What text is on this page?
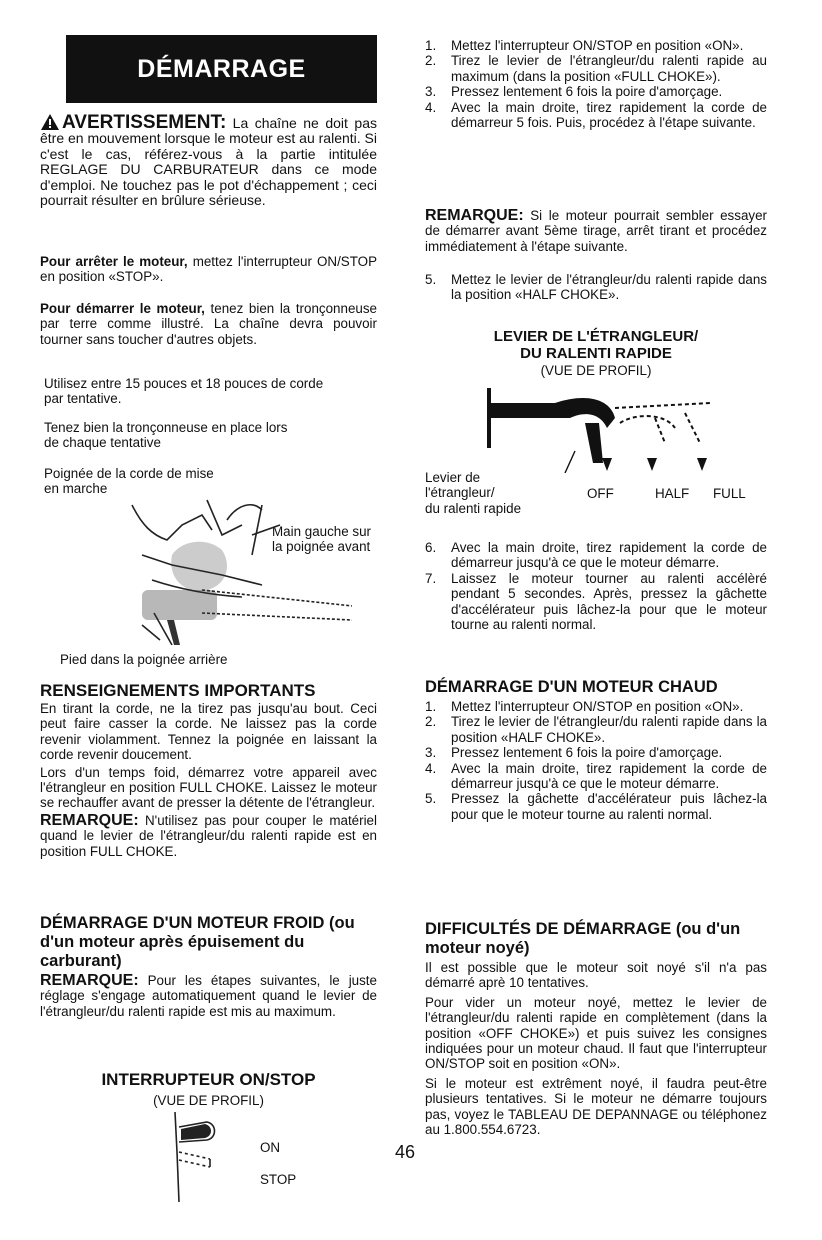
DÉMARRAGE
AVERTISSEMENT: La chaîne ne doit pas être en mouvement lorsque le moteur est au ralenti. Si c'est le cas, référez-vous à la partie intitulée REGLAGE DU CARBURATEUR dans ce mode d'emploi. Ne touchez pas le pot d'échappement ; ceci pourrait résulter en brûlure sérieuse.

Pour arrêter le moteur, mettez l'interrupteur ON/STOP en position «STOP».

Pour démarrer le moteur, tenez bien la tronçonneuse par terre comme illustré. La chaîne devra pouvoir tourner sans toucher d'autres objets.

Utilisez entre 15 pouces et 18 pouces de corde par tentative.

Tenez bien la tronçonneuse en place lors de chaque tentative

Poignée de la corde de mise en marche

Main gauche sur la poignée avant

Pied dans la poignée arrière

RENSEIGNEMENTS IMPORTANTS

En tirant la corde, ne la tirez pas jusqu'au bout. Ceci peut faire casser la corde. Ne laissez pas la corde revenir violamment. Tennez la poignée en laissant la corde revenir doucement.

Lors d'un temps foid, démarrez votre appareil avec l'étrangleur en position FULL CHOKE. Laissez le moteur se rechauffer avant de presser la détente de l'étrangleur.

REMARQUE: N'utilisez pas pour couper le matériel quand le levier de l'étrangleur/du ralenti rapide est en position FULL CHOKE.

DÉMARRAGE D'UN MOTEUR FROID (ou d'un moteur après épuisement du carburant)

REMARQUE: Pour les étapes suivantes, le juste réglage s'engage automatiquement quand le levier de l'étrangleur/du ralenti rapide est mis au maximum.

INTERRUPTEUR ON/STOP

(VUE DE PROFIL)

ON
STOP
1. Mettez l'interrupteur ON/STOP en position «ON».
2. Tirez le levier de l'étrangleur/du ralenti rapide au maximum (dans la position «FULL CHOKE»).
3. Pressez lentement 6 fois la poire d'amorçage.
4. Avec la main droite, tirez rapidement la corde de démarreur 5 fois. Puis, procédez à l'étape suivante.

REMARQUE: Si le moteur pourrait sembler essayer de démarrer avant 5ème tirage, arrêt tirant et procédez immédiatement à l'étape suivante.

5. Mettez le levier de l'étrangleur/du ralenti rapide dans la position «HALF CHOKE».

LEVIER DE L'ÉTRANGLEUR/

DU RALENTI RAPIDE

(VUE DE PROFIL)

Levier de
l'étrangleur/
du ralenti rapide

OFF	HALF FULL
6. Avec la main droite, tirez rapidement la corde de démarreur jusqu'à ce que le moteur démarre.
7. Laissez le moteur tourner au ralenti accélèré pendant 5 secondes. Après, pressez la gâchette d'accélérateur puis lâchez-la pour que le moteur tourne au ralenti normal.

DÉMARRAGE D'UN MOTEUR CHAUD

1. Mettez l'interrupteur ON/STOP en position «ON».
2. Tirez le levier de l'étrangleur/du ralenti rapide dans la position «HALF CHOKE».
3. Pressez lentement 6 fois la poire d'amorçage.
4. Avec la main droite, tirez rapidement la corde de démarreur jusqu'à ce que le moteur démarre.
5. Pressez la gâchette d'accélérateur puis lâchez-la pour que le moteur tourne au ralenti normal.

DIFFICULTÉS DE DÉMARRAGE (ou d'un moteur noyé)

Il est possible que le moteur soit noyé s'il n'a pas démarré aprè 10 tentatives.

Pour vider un moteur noyé, mettez le levier de l'étrangleur/du ralenti rapide en complètement (dans la position «OFF CHOKE») et puis suivez les consignes indiquées pour un moteur chaud. Il faut que l'interrupteur ON/STOP soit en position «ON».

Si le moteur est extrême​nt noyé, il faudra peut-être plusieurs tentatives. Si le moteur ne démarre toujours pas, voyez le TABLEAU DE DEPANNAGE ou téléphonez au 1.800.554.6723.

46
